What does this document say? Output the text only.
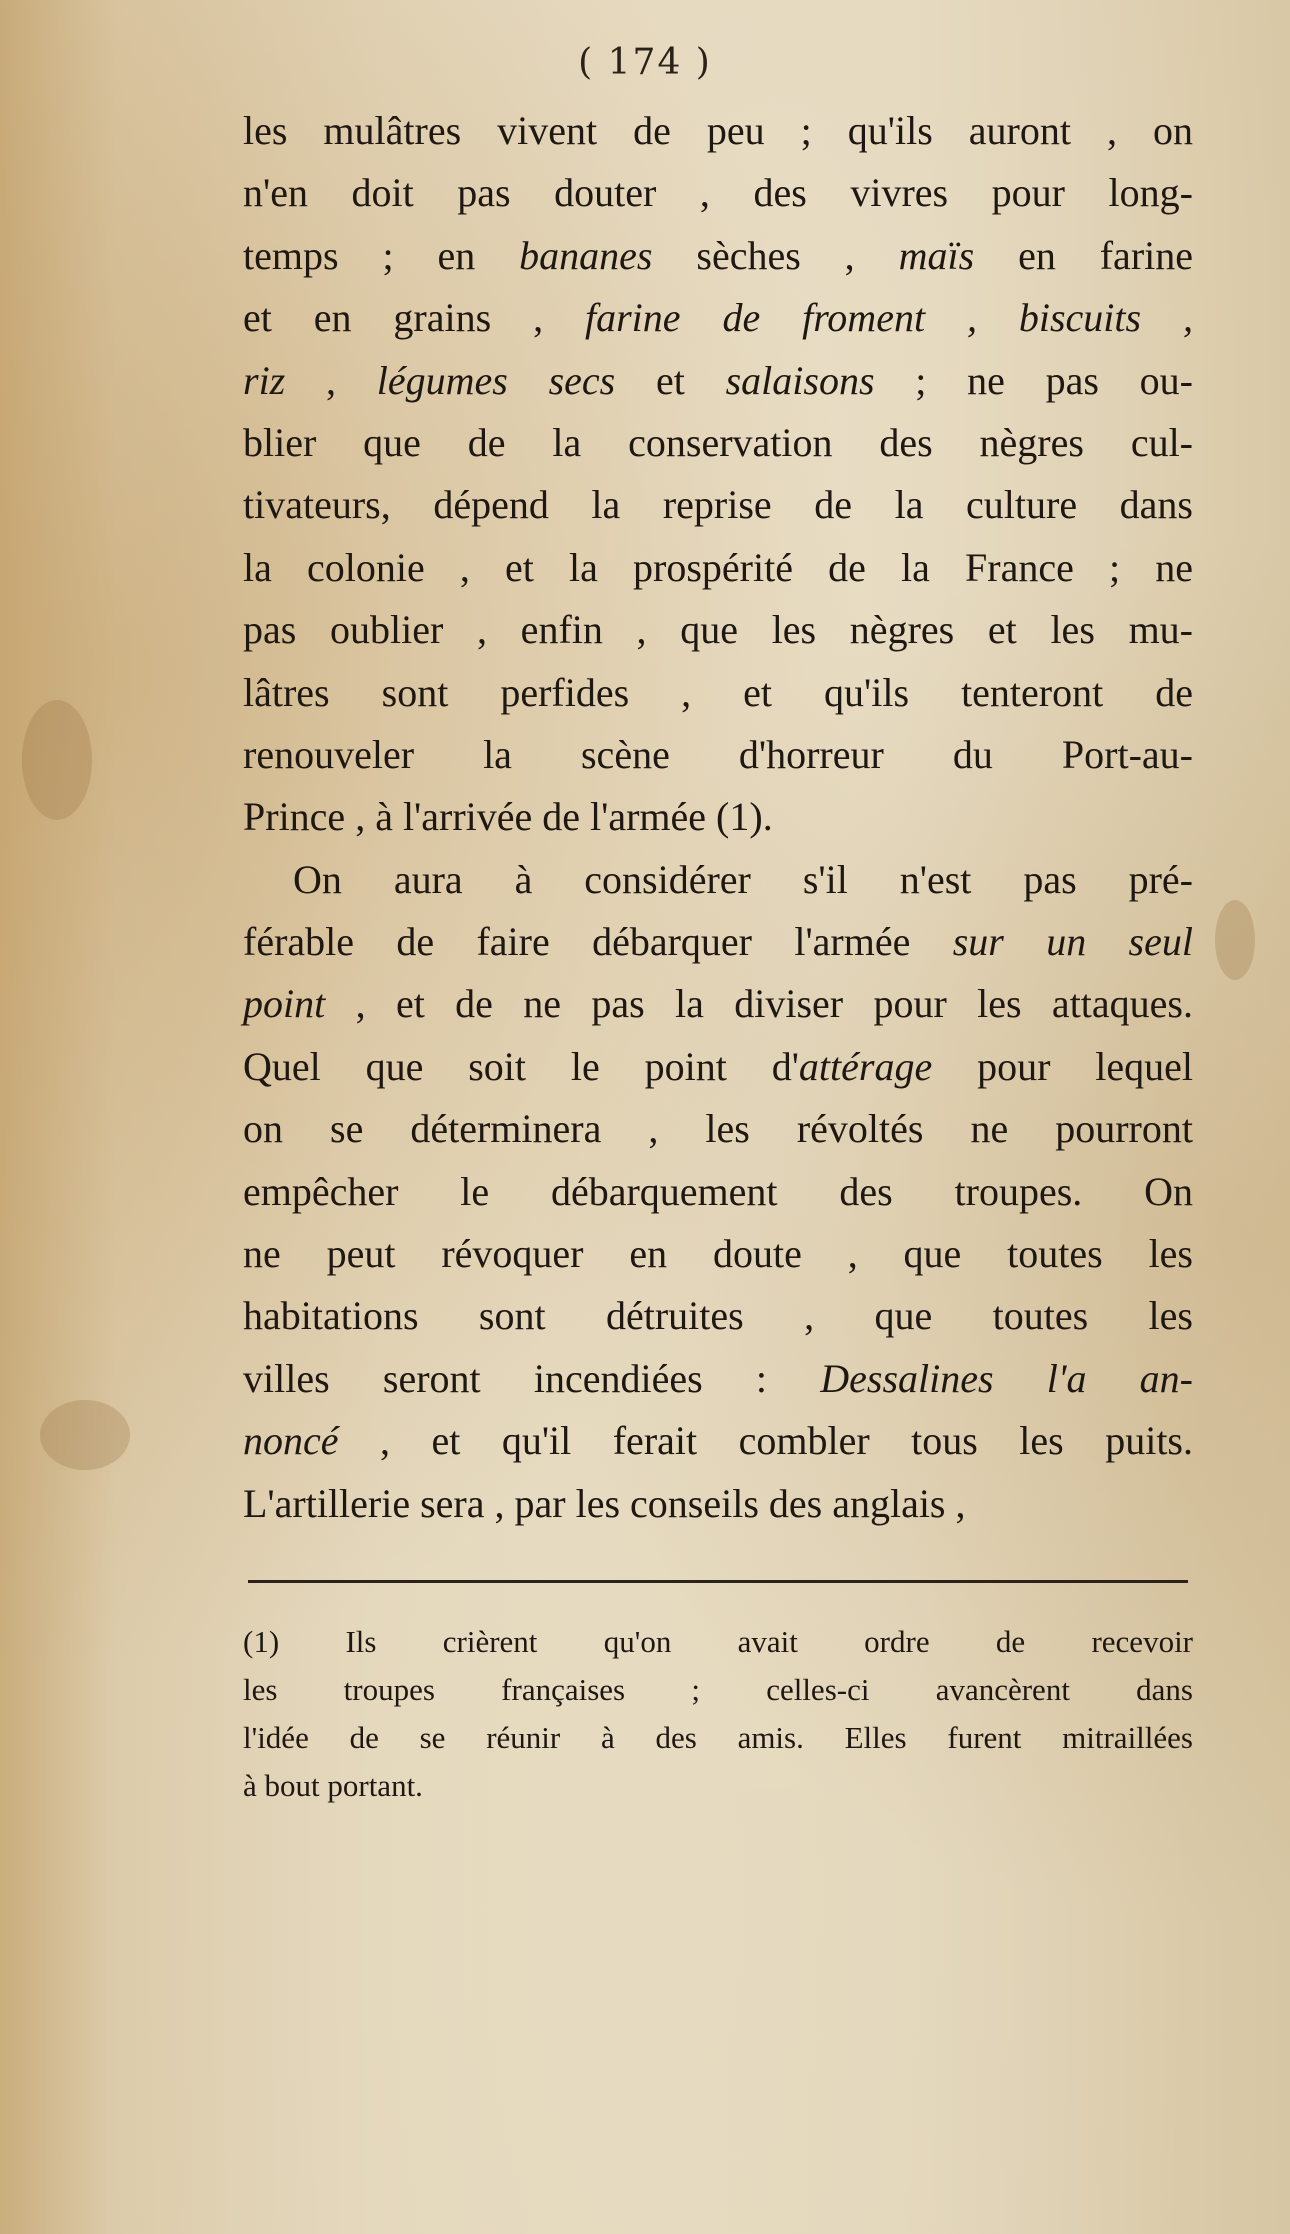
( 174 )
les mulâtres vivent de peu ; qu'ils auront , on
n'en doit pas douter , des vivres pour long-
temps ; en bananes sèches , maïs en farine
et en grains , farine de froment , biscuits ,
riz , légumes secs et salaisons ; ne pas ou-
blier que de la conservation des nègres cul-
tivateurs, dépend la reprise de la culture dans
la colonie , et la prospérité de la France ; ne
pas oublier , enfin , que les nègres et les mu-
lâtres sont perfides , et qu'ils tenteront de
renouveler la scène d'horreur du Port-au-
Prince , à l'arrivée de l'armée (1).
On aura à considérer s'il n'est pas pré-
férable de faire débarquer l'armée sur un seul
point , et de ne pas la diviser pour les attaques.
Quel que soit le point d'attérage pour lequel
on se déterminera , les révoltés ne pourront
empêcher le débarquement des troupes. On
ne peut révoquer en doute , que toutes les
habitations sont détruites , que toutes les
villes seront incendiées : Dessalines l'a an-
noncé , et qu'il ferait combler tous les puits.
L'artillerie sera , par les conseils des anglais ,
(1) Ils crièrent qu'on avait ordre de recevoir
les troupes françaises ; celles-ci avancèrent dans
l'idée de se réunir à des amis. Elles furent mitraillées
à bout portant.
